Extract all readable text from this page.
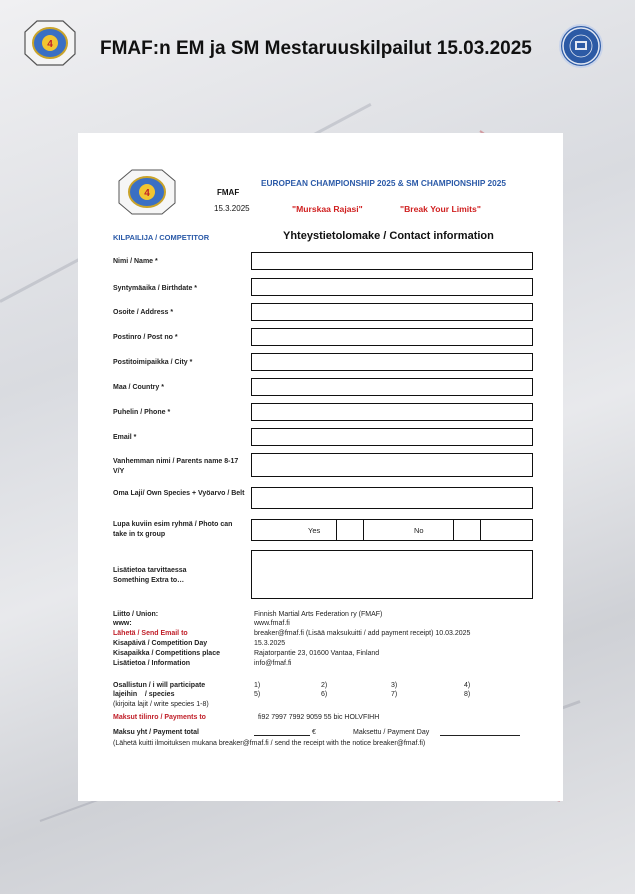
4 FMAF:n EM ja SM Mestaruuskilpailut 15.03.2025
4	FMAF
15.3.2025
EUROPEAN CHAMPIONSHIP 2025 & SM CHAMPIONSHIP 2025
"Murskaa Rajasi"	"Break Your Limits"
KILPAILIJA / COMPETITOR	Yhteystietolomake / Contact information
Nimi / Name *
Syntymäaika / Birthdate *
Osoite / Address *
Postinro / Post no *
Postitoimipaikka / City *
Maa / Country *
Puhelin / Phone *
Email *
Vanhemman nimi / Parents name 8-17 V/Y
Oma Laji/ Own Species + Vyöarvo / Belt
Lupa kuviin esim ryhmä / Photo can take in tx group	Yes	No
Lisätietoa tarvittaessa Something Extra to…
Liitto / Union:	Finnish Martial Arts Federation ry (FMAF)
www:	www.fmaf.fi
Lähetä / Send Email to	breaker@fmaf.fi (Lisää maksukuitti / add payment receipt) 10.03.2025
Kisapäivä / Competition Day	15.3.2025
Kisapaikka / Competitions place	Rajatorpantie 23, 01600 Vantaa, Finland
Lisätietoa / Information	info@fmaf.fi
Osallistun / i will participate
lajeihin    / species
(kirjoita lajit / write species 1-8)
1)	2)	3)	4)
5)	6)	7)	8)
Maksut tilinro / Payments to	fi92 7997 7992 9059 55 bic HOLVFIHH
Maksu yht / Payment total	€	Maksettu / Payment Day
(Lähetä kuitti ilmoituksen mukana breaker@fmaf.fi / send the receipt with the notice breaker@fmaf.fi)
